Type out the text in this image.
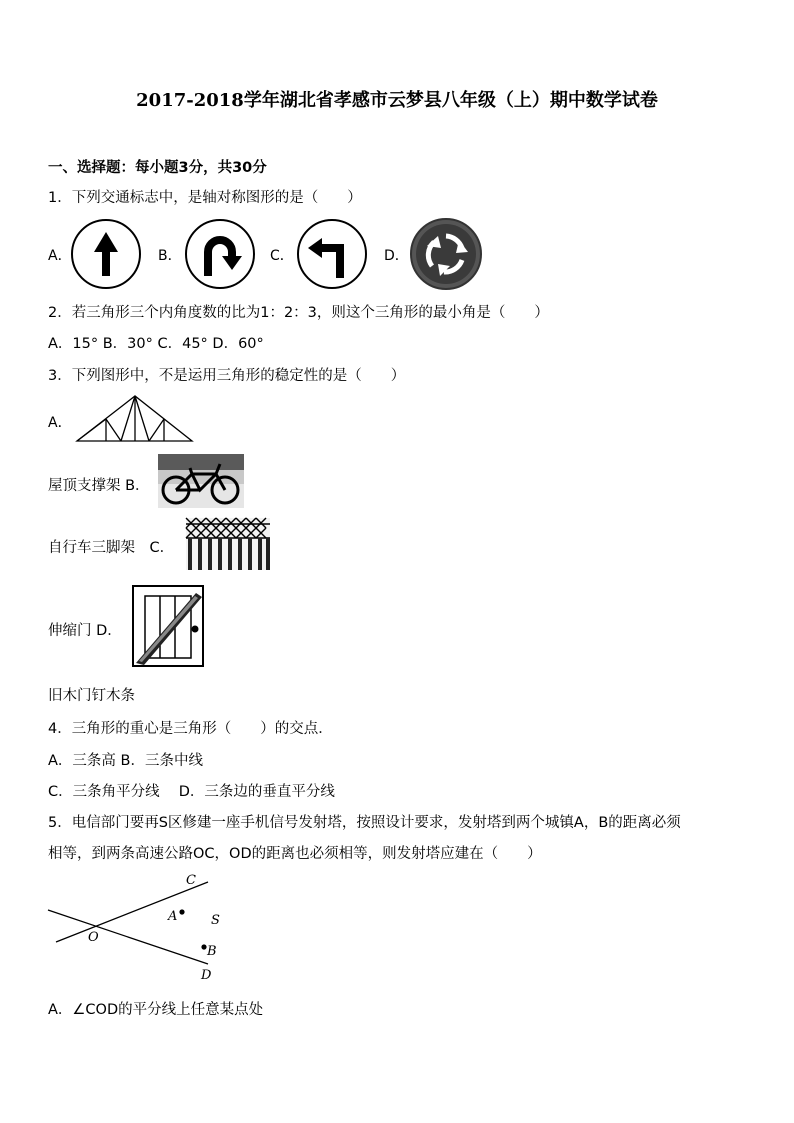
2017-2018学年湖北省孝感市云梦县八年级（上）期中数学试卷
一、选择题：每小题3分，共30分
1．下列交通标志中，是轴对称图形的是（　　）
A．	B．	C．	D．
2．若三角形三个内角度数的比为1：2：3，则这个三角形的最小角是（　　）
A．15° B．30° C．45° D．60°
3．下列图形中，不是运用三角形的稳定性的是（　　）
A．
屋顶支撑架 B．
自行车三脚架　C．
伸缩门 D．
旧木门钉木条
4．三角形的重心是三角形（　　）的交点．
A．三条高 B．三条中线
C．三条角平分线　 D．三条边的垂直平分线
5．电信部门要再S区修建一座手机信号发射塔，按照设计要求，发射塔到两个城镇A，B的距离必须
相等，到两条高速公路OC，OD的距离也必须相等，则发射塔应建在（　　）
C
A	S
O
B
D
A．∠COD的平分线上任意某点处
